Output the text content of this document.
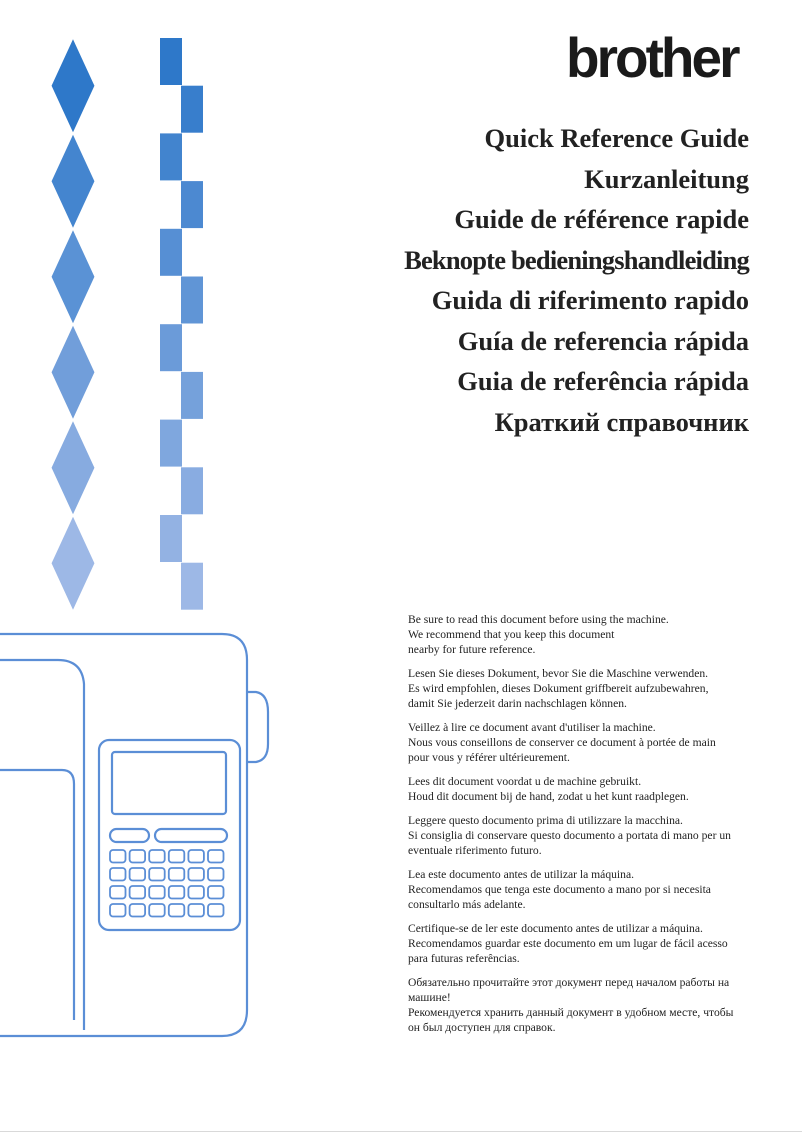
brother
Quick Reference Guide
Kurzanleitung
Guide de référence rapide
Beknopte bedieningshandleiding
Guida di riferimento rapido
Guía de referencia rápida
Guia de referência rápida
Краткий справочник

Be sure to read this document before using the machine.
We recommend that you keep this document
nearby for future reference.

Lesen Sie dieses Dokument, bevor Sie die Maschine verwenden.
Es wird empfohlen, dieses Dokument griffbereit aufzubewahren,
damit Sie jederzeit darin nachschlagen können.

Veillez à lire ce document avant d'utiliser la machine.
Nous vous conseillons de conserver ce document à portée de main
pour vous y référer ultérieurement.

Lees dit document voordat u de machine gebruikt.
Houd dit document bij de hand, zodat u het kunt raadplegen.

Leggere questo documento prima di utilizzare la macchina.
Si consiglia di conservare questo documento a portata di mano per un
eventuale riferimento futuro.

Lea este documento antes de utilizar la máquina.
Recomendamos que tenga este documento a mano por si necesita
consultarlo más adelante.

Certifique-se de ler este documento antes de utilizar a máquina.
Recomendamos guardar este documento em um lugar de fácil acesso
para futuras referências.

Обязательно прочитайте этот документ перед началом работы на
машине!
Рекомендуется хранить данный документ в удобном месте, чтобы
он был доступен для справок.
